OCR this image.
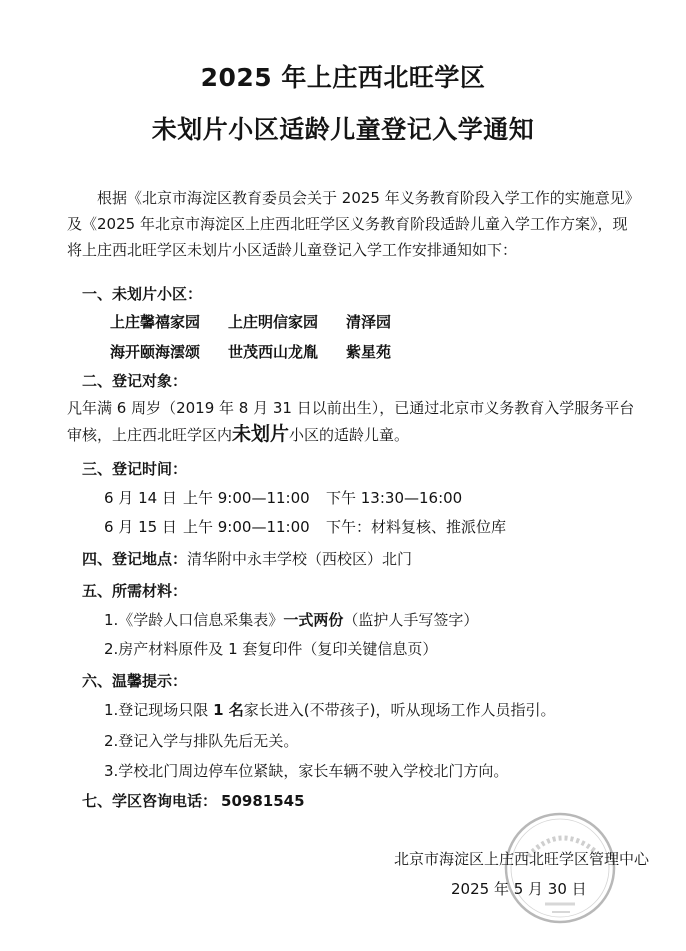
2025 年上庄西北旺学区
未划片小区适龄儿童登记入学通知
根据《北京市海淀区教育委员会关于 2025 年义务教育阶段入学工作的实施意见》及《2025 年北京市海淀区上庄西北旺学区义务教育阶段适龄儿童入学工作方案》，现将上庄西北旺学区未划片小区适龄儿童登记入学工作安排通知如下：
一、未划片小区：
上庄馨禧家园 上庄明信家园 清泽园
海开颐海澐颂 世茂西山龙胤 紫星苑
二、登记对象：
凡年满 6 周岁（2019 年 8 月 31 日以前出生），已通过北京市义务教育入学服务平台审核，上庄西北旺学区内未划片小区的适龄儿童。
三、登记时间：
6 月 14 日 上午 9:00—11:00 下午 13:30—16:00
6 月 15 日 上午 9:00—11:00 下午：材料复核、推派位库
四、登记地点：清华附中永丰学校（西校区）北门
五、所需材料：
1.《学龄人口信息采集表》一式两份（监护人手写签字）
2.房产材料原件及 1 套复印件（复印关键信息页）
六、温馨提示：
1.登记现场只限 1 名家长进入(不带孩子)，听从现场工作人员指引。
2.登记入学与排队先后无关。
3.学校北门周边停车位紧缺，家长车辆不驶入学校北门方向。
七、学区咨询电话： 50981545
北京市海淀区上庄西北旺学区管理中心
2025 年 5 月 30 日
